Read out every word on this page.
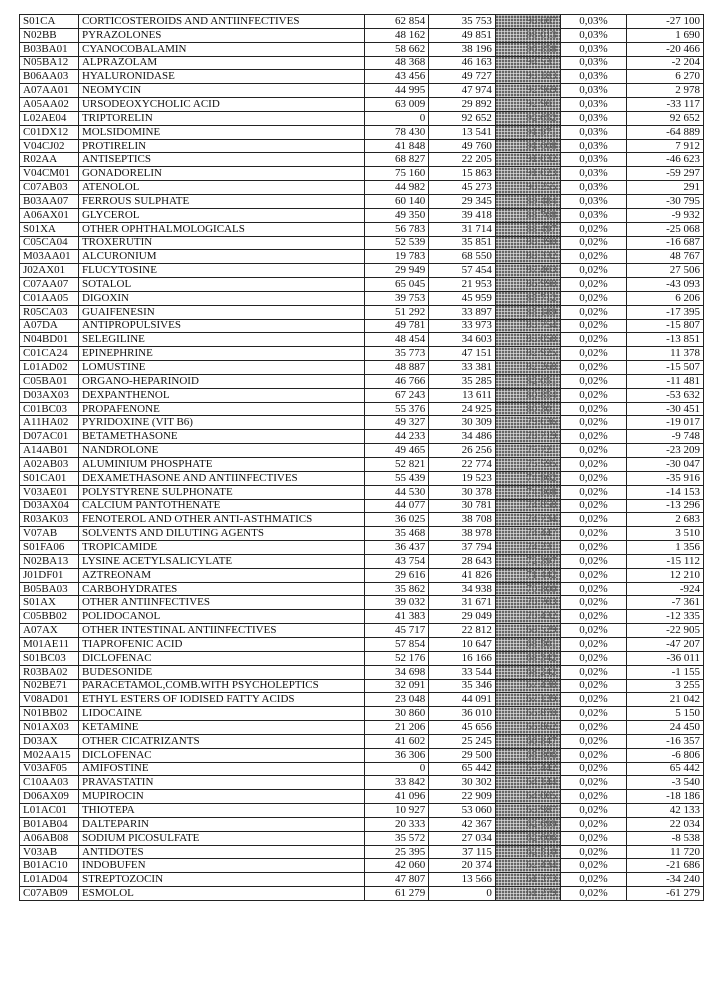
S01CA	CORTICOSTEROIDS AND ANTIINFECTIVES	62 854	35 753	98 607	0,03%	-27 100
N02BB	PYRAZOLONES	48 162	49 851	98 013	0,03%	1 690
B03BA01	CYANOCOBALAMIN	58 662	38 196	96 858	0,03%	-20 466
N05BA12	ALPRAZOLAM	48 368	46 163	94 531	0,03%	-2 204
B06AA03	HYALURONIDASE	43 456	49 727	93 183	0,03%	6 270
A07AA01	NEOMYCIN	44 995	47 974	92 969	0,03%	2 978
A05AA02	URSODEOXYCHOLIC ACID	63 009	29 892	92 901	0,03%	-33 117
L02AE04	TRIPTORELIN	0	92 652	92 652	0,03%	92 652
C01DX12	MOLSIDOMINE	78 430	13 541	91 971	0,03%	-64 889
V04CJ02	PROTIRELIN	41 848	49 760	91 608	0,03%	7 912
R02AA	ANTISEPTICS	68 827	22 205	91 032	0,03%	-46 623
V04CM01	GONADORELIN	75 160	15 863	91 023	0,03%	-59 297
C07AB03	ATENOLOL	44 982	45 273	90 255	0,03%	291
B03AA07	FERROUS SULPHATE	60 140	29 345	89 484	0,03%	-30 795
A06AX01	GLYCEROL	49 350	39 418	88 768	0,03%	-9 932
S01XA	OTHER OPHTHALMOLOGICALS	56 783	31 714	88 497	0,02%	-25 068
C05CA04	TROXERUTIN	52 539	35 851	88 390	0,02%	-16 687
M03AA01	ALCURONIUM	19 783	68 550	88 332	0,02%	48 767
J02AX01	FLUCYTOSINE	29 949	57 454	87 403	0,02%	27 506
C07AA07	SOTALOL	65 045	21 953	86 998	0,02%	-43 093
C01AA05	DIGOXIN	39 753	45 959	85 712	0,02%	6 206
R05CA03	GUAIFENESIN	51 292	33 897	85 189	0,02%	-17 395
A07DA	ANTIPROPULSIVES	49 781	33 973	83 754	0,02%	-15 807
N04BD01	SELEGILINE	48 454	34 603	83 058	0,02%	-13 851
C01CA24	EPINEPHRINE	35 773	47 151	82 925	0,02%	11 378
L01AD02	LOMUSTINE	48 887	33 381	82 268	0,02%	-15 507
C05BA01	ORGANO-HEPARINOID	46 766	35 285	82 051	0,02%	-11 481
D03AX03	DEXPANTHENOL	67 243	13 611	80 854	0,02%	-53 632
C01BC03	PROPAFENONE	55 376	24 925	80 301	0,02%	-30 451
A11HA02	PYRIDOXINE (VIT B6)	49 327	30 309	79 636	0,02%	-19 017
D07AC01	BETAMETHASONE	44 233	34 486	78 719	0,02%	-9 748
A14AB01	NANDROLONE	49 465	26 256	75 721	0,02%	-23 209
A02AB03	ALUMINIUM PHOSPHATE	52 821	22 774	75 595	0,02%	-30 047
S01CA01	DEXAMETHASONE AND ANTIINFECTIVES	55 439	19 523	74 962	0,02%	-35 916
V03AE01	POLYSTYRENE SULPHONATE	44 530	30 378	74 908	0,02%	-14 153
D03AX04	CALCIUM PANTOTHENATE	44 077	30 781	74 858	0,02%	-13 296
R03AK03	FENOTEROL AND OTHER ANTI-ASTHMATICS	36 025	38 708	74 734	0,02%	2 683
V07AB	SOLVENTS AND DILUTING AGENTS	35 468	38 978	74 447	0,02%	3 510
S01FA06	TROPICAMIDE	36 437	37 794	74 231	0,02%	1 356
N02BA13	LYSINE ACETYLSALICYLATE	43 754	28 643	72 397	0,02%	-15 112
J01DF01	AZTREONAM	29 616	41 826	71 442	0,02%	12 210
B05BA03	CARBOHYDRATES	35 862	34 938	70 800	0,02%	-924
S01AX	OTHER ANTIINFECTIVES	39 032	31 671	70 703	0,02%	-7 361
C05BB02	POLIDOCANOL	41 383	29 049	70 432	0,02%	-12 335
A07AX	OTHER INTESTINAL ANTIINFECTIVES	45 717	22 812	68 529	0,02%	-22 905
M01AE11	TIAPROFENIC ACID	57 854	10 647	68 501	0,02%	-47 207
S01BC03	DICLOFENAC	52 176	16 166	68 342	0,02%	-36 011
R03BA02	BUDESONIDE	34 698	33 544	68 242	0,02%	-1 155
N02BE71	PARACETAMOL,COMB.WITH PSYCHOLEPTICS	32 091	35 346	67 438	0,02%	3 255
V08AD01	ETHYL ESTERS OF IODISED FATTY ACIDS	23 048	44 091	67 139	0,02%	21 042
N01BB02	LIDOCAINE	30 860	36 010	66 870	0,02%	5 150
N01AX03	KETAMINE	21 206	45 656	66 862	0,02%	24 450
D03AX	OTHER CICATRIZANTS	41 602	25 245	66 847	0,02%	-16 357
M02AA15	DICLOFENAC	36 306	29 500	65 806	0,02%	-6 806
V03AF05	AMIFOSTINE	0	65 442	65 442	0,02%	65 442
C10AA03	PRAVASTATIN	33 842	30 302	64 144	0,02%	-3 540
D06AX09	MUPIROCIN	41 096	22 909	64 005	0,02%	-18 186
L01AC01	THIOTEPA	10 927	53 060	63 987	0,02%	42 133
B01AB04	DALTEPARIN	20 333	42 367	62 699	0,02%	22 034
A06AB08	SODIUM PICOSULFATE	35 572	27 034	62 606	0,02%	-8 538
V03AB	ANTIDOTES	25 395	37 115	62 510	0,02%	11 720
B01AC10	INDOBUFEN	42 060	20 374	62 434	0,02%	-21 686
L01AD04	STREPTOZOCIN	47 807	13 566	61 373	0,02%	-34 240
C07AB09	ESMOLOL	61 279	0	61 279	0,02%	-61 279
